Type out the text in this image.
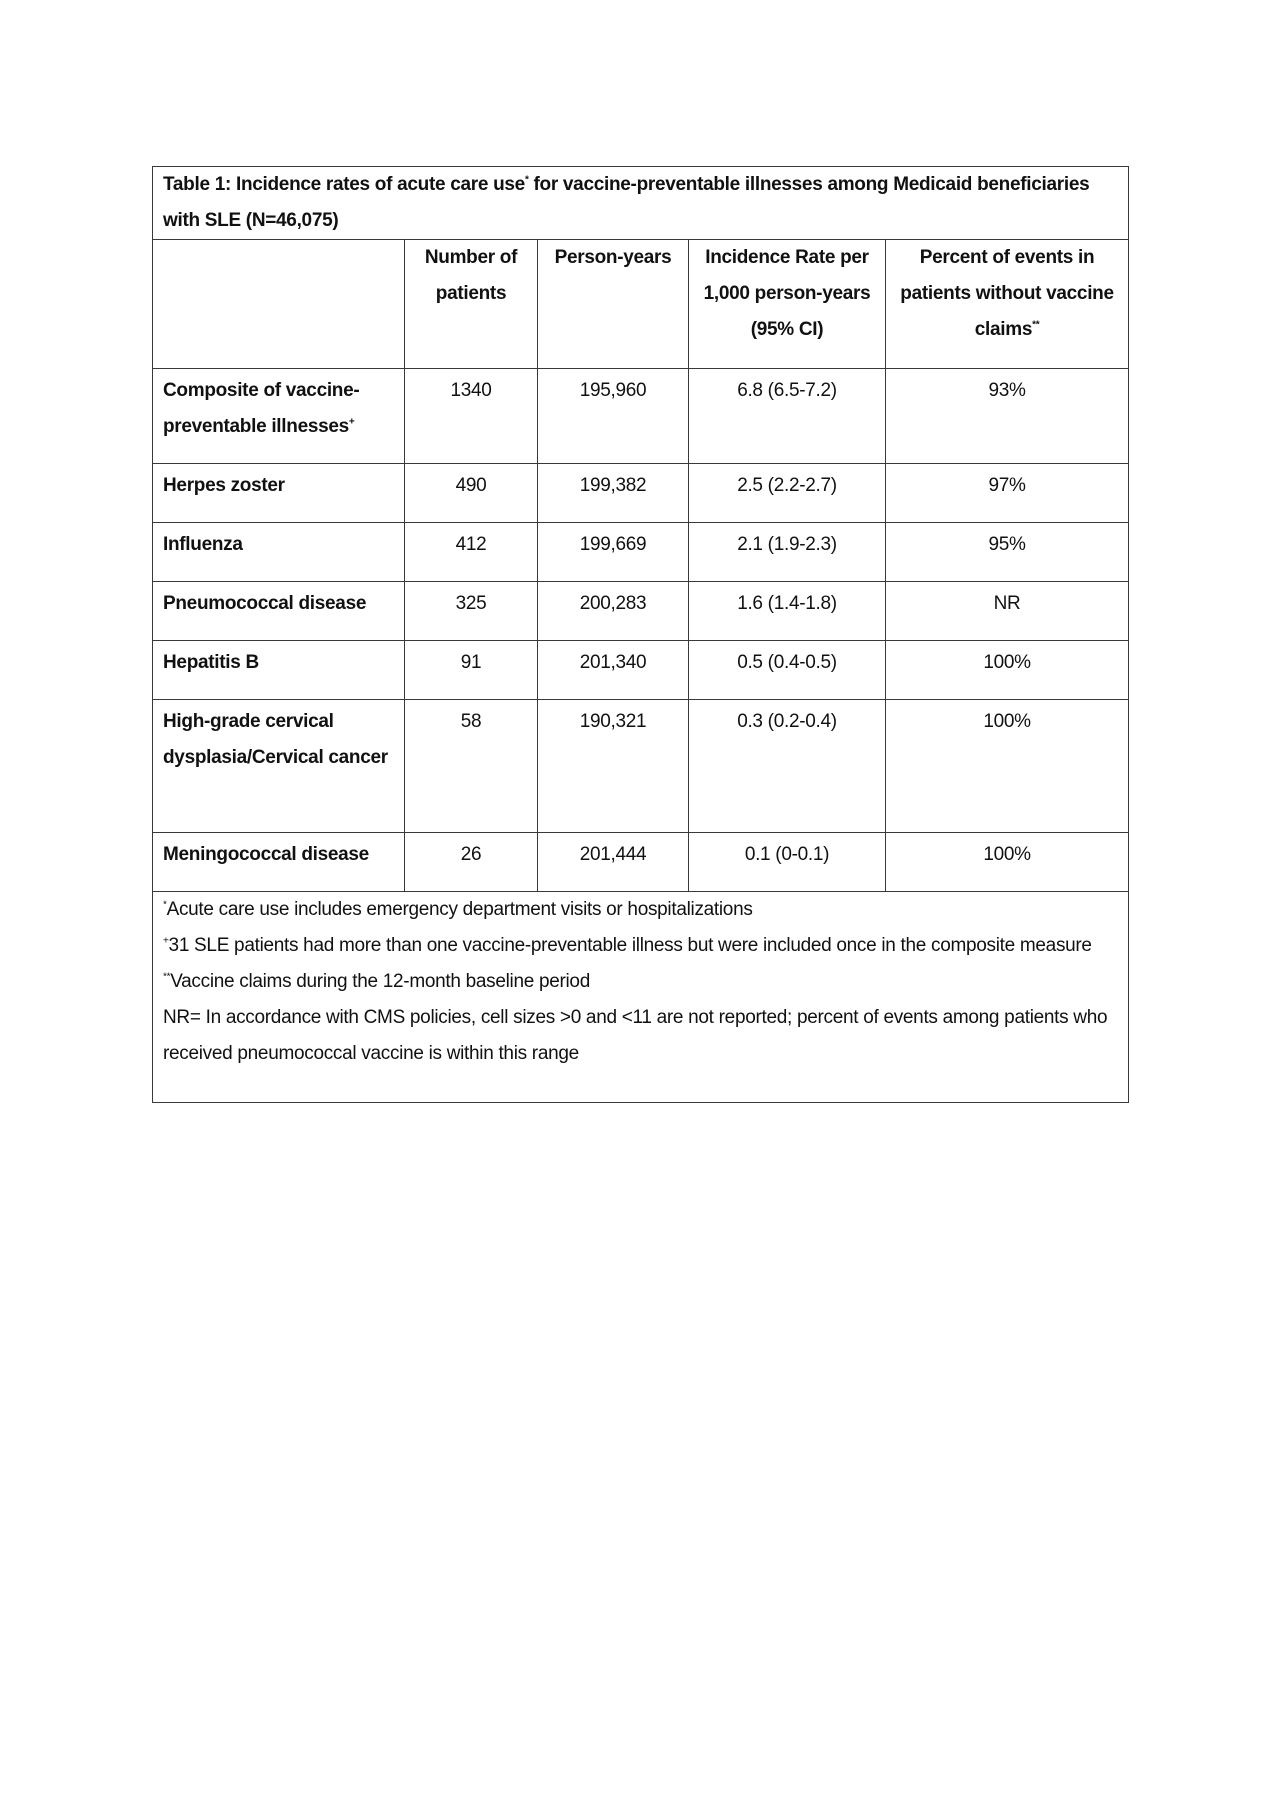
Table 1: Incidence rates of acute care use* for vaccine-preventable illnesses among Medicaid beneficiaries with SLE (N=46,075)				
	Number of patients	Person-years	Incidence Rate per 1,000 person-years (95% CI)	Percent of events in patients without vaccine claims**
Composite of vaccine-preventable illnesses+	1340	195,960	6.8 (6.5-7.2)	93%
Herpes zoster	490	199,382	2.5 (2.2-2.7)	97%
Influenza	412	199,669	2.1 (1.9-2.3)	95%
Pneumococcal disease	325	200,283	1.6 (1.4-1.8)	NR
Hepatitis B	91	201,340	0.5 (0.4-0.5)	100%
High-grade cervical dysplasia/Cervical cancer	58	190,321	0.3 (0.2-0.4)	100%
Meningococcal disease	26	201,444	0.1 (0-0.1)	100%

*Acute care use includes emergency department visits or hospitalizations
+31 SLE patients had more than one vaccine-preventable illness but were included once in the composite measure
**Vaccine claims during the 12-month baseline period
NR= In accordance with CMS policies, cell sizes >0 and <11 are not reported; percent of events among patients who received pneumococcal vaccine is within this range				
